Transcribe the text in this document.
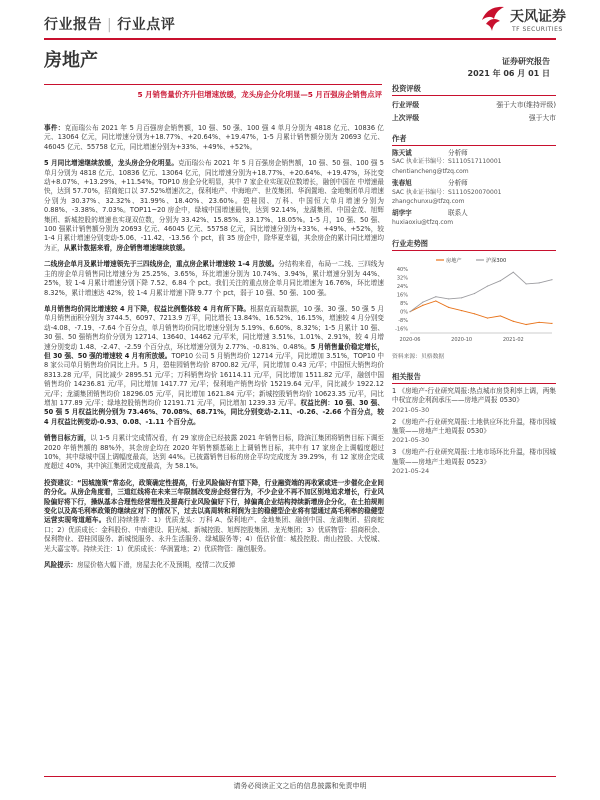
行业报告 | 行业点评	天风证券
TF SECURITIES
房地产	证券研究报告
2021 年 06 月 01 日
5 月销售量价齐升但增速放缓，龙头房企分化明显—5 月百强房企销售点评

事件：克而瑞公布 2021 年 5 月百强房企销售额，10 强、50 强、100 强 4 单月分别为 4818 亿元、10836 亿元、13064 亿元，同比增速分别为+18.77%、+20.64%、+19.47%，1-5 月累计销售额分别为 20693 亿元、46045 亿元、55758 亿元，同比增速分别为+33%、+49%、+52%。

5 月同比增速继续放缓，龙头房企分化明显。克而瑞公布 2021 年 5 月百强房企销售额，10 强、50 强、100 强 5 单月分别为 4818 亿元、10836 亿元、13064 亿元，同比增速分别为+18.77%、+20.64%、+19.47%，环比变动+8.07%、+13.29%、+11.54%。TOP10 房企分化明显，其中 7 家企业实现双位数增长，融创中国在 中增速最快，达到 57.70%，招商蛇口以 37.52%增速次之，保利地产、中海地产、世茂集团、华润置地、金地集团单月增速分别为 30.37%、32.32%、31.99%、18.40%、23.60%。碧桂园、万科、中国恒大单月增速分别为 0.88%、-3.38%、7.03%。TOP11~20 房企中，绿城中国增速最快，达到 92.14%，龙湖集团、中国金茂、旭辉集团、新城控股的增速也实现双位数，分别为 33.42%、15.85%、33.17%、18.05%。1-5 月，10 强、50 强、100 强累计销售额分别为 20693 亿元、46045 亿元、55758 亿元，同比增速分别为+33%、+49%、+52%，较 1-4 月累计增速分别变动-5.06、-11.42、-13.56 个 pct，前 35 房企中，除华夏幸福，其余房企的累计同比增速均为正，从累计数据来看，房企销售增速继续放缓。

二线房企单月及累计增速领先于三四线房企，重点房企累计增速较 1-4 月放缓。分结构来看，布局一二线、三四线为主的房企单月销售同比增速分为 25.25%、3.65%，环比增速分别为 10.74%、3.94%，累计增速分别为 44%、25%，较 1-4 月累计增速分别下降 7.52、6.84 个 pct。我们关注的重点房企单月同比增速为 16.76%，环比增速 8.32%，累计增速达 42%，较 1-4 月累计增速下降 9.77 个 pct，弱于 10 强、50 强、100 强。

单月销售均价同比增速较 4 月下降，权益比例整体较 4 月有所下降。根据克而瑞数据，10 强、30 强、50 强 5 月单月销售面积分别为 3744.5、6097、7213.9 万平，同比增长 13.84%、16.52%、16.15%，增速较 4 月分别变动-4.08、-7.19、-7.64 个百分点，单月销售均价同比增速分别为 5.19%、6.60%、8.32%；1-5 月累计 10 强、30 强、50 强销售均价分别为 12714、13640、14462 元/平米，同比增速 3.51%、1.01%、2.91%，较 4 月增速分别变动 1.48、-2.47、-2.59 个百分点，环比增速分别为 2.77%、-0.81%、0.48%。5 月销售量价稳定增长，但 30 强、50 强的增速较 4 月有所放缓。TOP10 公司 5 月销售均价 12714 元/平，同比增加 3.51%，TOP10 中 8 家公司单月销售均价同比上升。5 月，碧桂园销售均价 8700.82 元/平，同比增加 0.43 元/平；中国恒大销售均价 8313.28 元/平，同比减少 2895.51 元/平；万科销售均价 16114.11 元/平，同比增加 1511.82 元/平，融创中国销售均价 14236.81 元/平，同比增加 1417.77 元/平；保利地产销售均价 15219.64 元/平，同比减少 1922.12 元/平；龙湖集团销售均价 18296.05 元/平，同比增加 1621.84 元/平；新城控股销售均价 10623.35 元/平，同比增加 177.89 元/平；绿地控股销售均价 12191.71 元/平，同比增加 1239.33 元/平。权益比例：10 强、30 强、50 强 5 月权益比例分别为 73.46%、70.08%、68.71%，同比分别变动-2.11、-0.26、-2.66 个百分点，较 4 月权益比例变动-0.93、0.08、-1.11 个百分点。

销售目标方面，以 1-5 月累计完成情况看，有 29 家房企已经披露 2021 年销售目标，除滨江集团将销售目标下调至 2020 年销售额的 88%外，其余房企均在 2020 年销售额基础上上调销售目标，其中有 17 家房企上调幅度超过 10%，其中绿城中国上调幅度最高，达到 44%。已披露销售目标的房企平均完成度为 39.29%，有 12 家房企完成度超过 40%，其中滨江集团完成度最高，为 58.1%。

投资建议：“因城施策”常态化，政策确定性提高，行业风险偏好有望下降，行业融资端的再收紧或进一步催化企业间的分化。从房企角度看，三道红线将在未来三年限制改变房企经营行为，不少企业不再不加区别地追求增长，行业风险偏好将下行，操纵基本合理性经营理性及提高行业风险偏好下行，掉偏离企业结构持续新增房企分化，在土拍规则变化以及高毛利率政策的继续应对下的情况下，过去以高周转和利润为主的稳健型企业将有望通过高毛利率的稳健型运营实现弯道超车。我们持续推荐：1）优质龙头：万科 A、保利地产、金地集团、融创中国、龙湖集团、招商蛇口；2）优质成长：金科股份、中南建设、阳光城、新城控股、旭辉控股集团、龙光集团；3）优质物管：招商积余、保利物业、碧桂园服务、新城悦服务、永升生活服务、绿城服务等；4）低估价值：城投控股、南山控股、大悦城、光大嘉宝等。持续关注：1）优质成长：华润置地；2）优质物管：融创服务。

风险提示：房屋价格大幅下滑，房屋去化不及预期，疫情二次反弹

投资评级
行业评级	强于大市(维持评级)
上次评级	强于大市
作者
陈天诚	分析师
SAC 执业证书编号：S1110517110001
chentiancheng@tfzq.com
张春旭	分析师
SAC 执业证书编号：S1110520070001
zhangchunxu@tfzq.com
胡孛宇	联系人
huxiaoxiu@tfzq.com
行业走势图
40%
32%
24%
16%
8%
0%
-8%
-16%
2020-06	2020-10	2021-02
房地产	沪深300
资料来源：贝格数据
相关报告
1 《房地产-行业研究周报:热点城市房贷利率上调，两集中权宜房企利润承压——房地产周报 0530》
2021-05-30
2 《房地产-行业研究周报:土地供应环比升温，楼市因城施策——房地产土地周报 0530》
2021-05-30
3 《房地产-行业研究周报:土地市场环比升温，楼市因城施策——房地产土地周报 0523》
2021-05-24
请务必阅读正文之后的信息披露和免责申明
